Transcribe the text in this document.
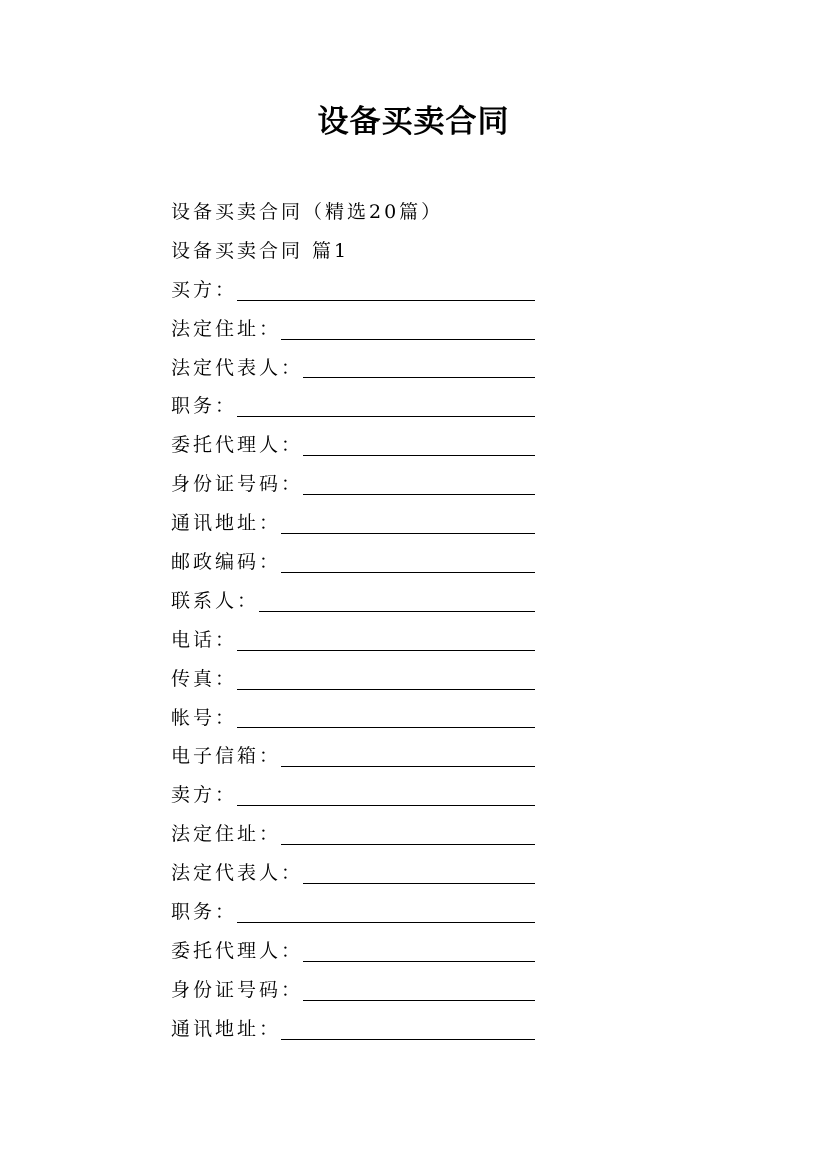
设备买卖合同
设备买卖合同（精选20篇）
设备买卖合同 篇1
买方：
法定住址：
法定代表人：
职务：
委托代理人：
身份证号码：
通讯地址：
邮政编码：
联系人：
电话：
传真：
帐号：
电子信箱：
卖方：
法定住址：
法定代表人：
职务：
委托代理人：
身份证号码：
通讯地址：
